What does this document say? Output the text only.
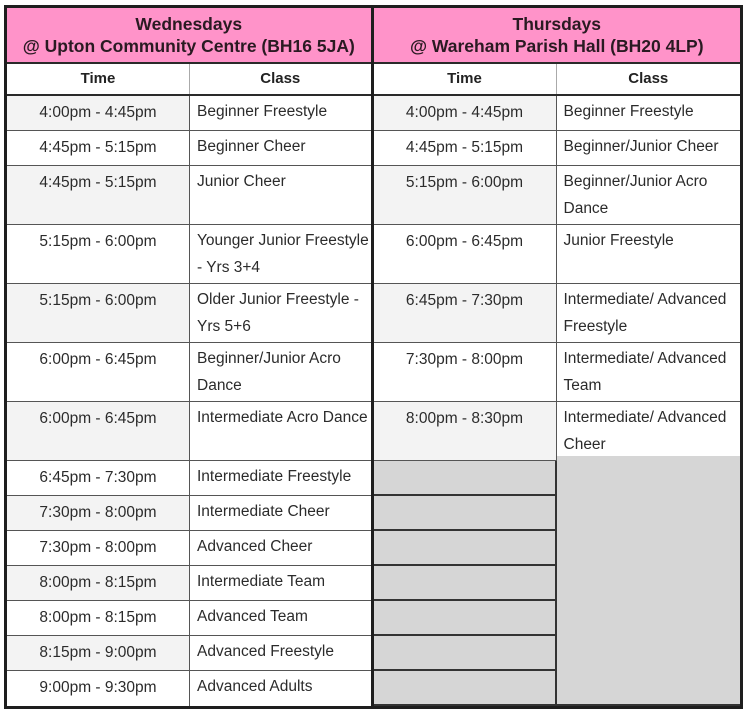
Wednesdays
@ Upton Community Centre (BH16 5JA)
Time	Class
4:00pm - 4:45pm	Beginner Freestyle
4:45pm - 5:15pm	Beginner Cheer
4:45pm - 5:15pm	Junior Cheer
5:15pm - 6:00pm	Younger Junior Freestyle - Yrs 3+4
5:15pm - 6:00pm	Older Junior Freestyle - Yrs 5+6
6:00pm - 6:45pm	Beginner/Junior Acro Dance
6:00pm - 6:45pm	Intermediate Acro Dance
6:45pm - 7:30pm	Intermediate Freestyle
7:30pm - 8:00pm	Intermediate Cheer
7:30pm - 8:00pm	Advanced Cheer
8:00pm - 8:15pm	Intermediate Team
8:00pm - 8:15pm	Advanced Team
8:15pm - 9:00pm	Advanced Freestyle
9:00pm - 9:30pm	Advanced Adults
Thursdays
@ Wareham Parish Hall (BH20 4LP)
Time	Class
4:00pm - 4:45pm	Beginner Freestyle
4:45pm - 5:15pm	Beginner/Junior Cheer
5:15pm - 6:00pm	Beginner/Junior Acro Dance
6:00pm - 6:45pm	Junior Freestyle
6:45pm - 7:30pm	Intermediate/ Advanced Freestyle
7:30pm - 8:00pm	Intermediate/ Advanced Team
8:00pm - 8:30pm	Intermediate/ Advanced Cheer
